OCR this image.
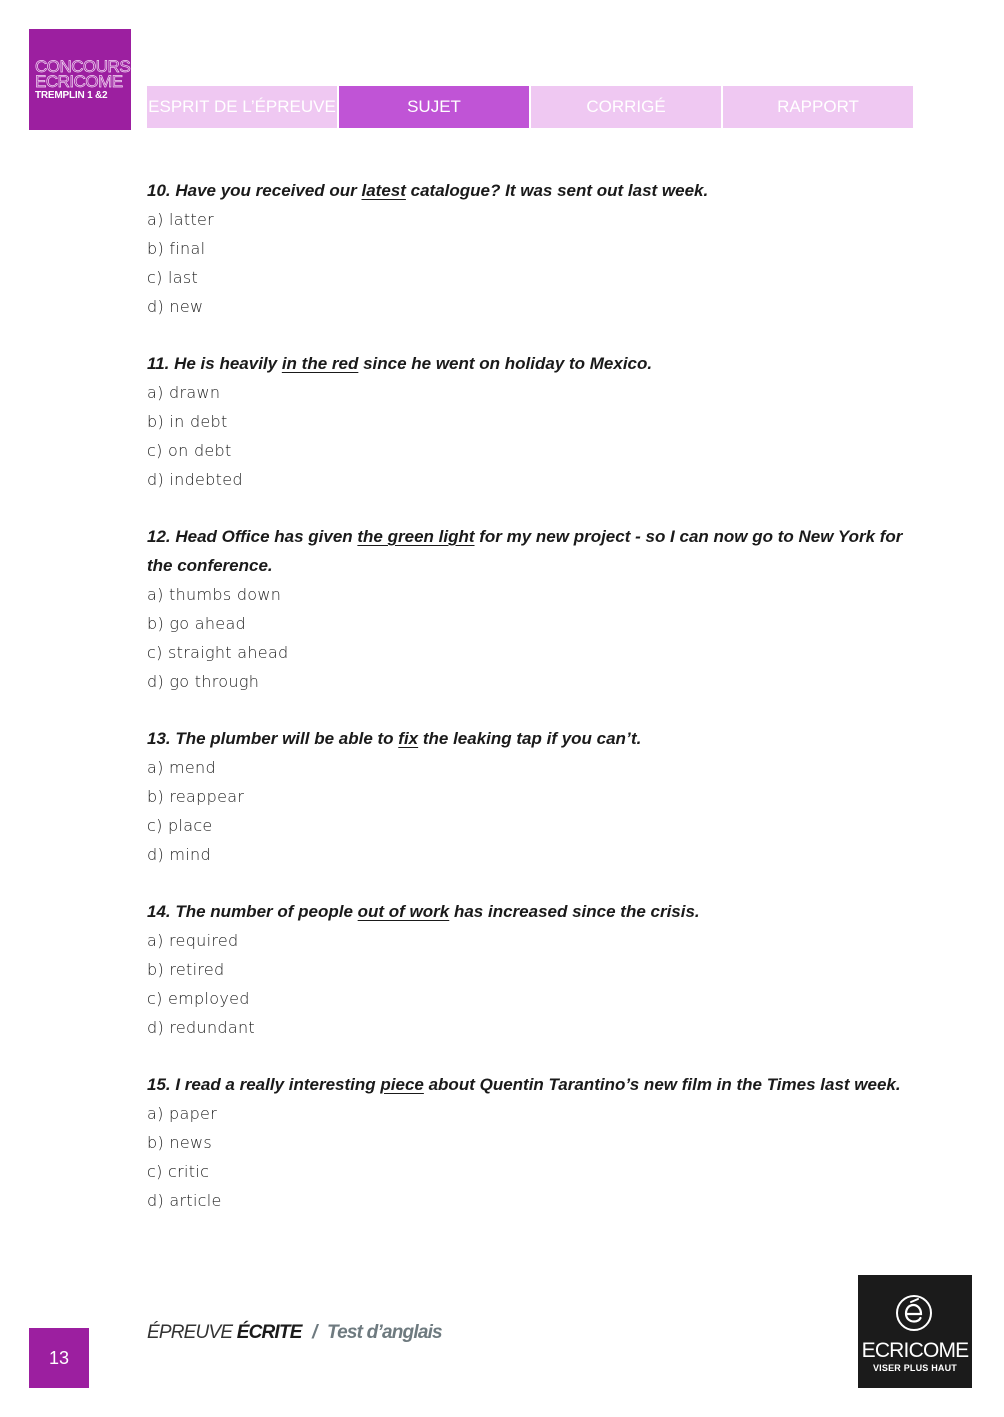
CONCOURS
ECRICOME
TREMPLIN 1 &2
ESPRIT DE L’ÉPREUVE	SUJET	CORRIGÉ	RAPPORT

10. Have you received our latest catalogue? It was sent out last week.

a) latter

b) final

c) last

d) new

11. He is heavily in the red since he went on holiday to Mexico.

a) drawn

b) in debt

c) on debt

d) indebted

12. Head Office has given the green light for my new project - so I can now go to New York for the conference.

a) thumbs down

b) go ahead

c) straight ahead

d) go through

13. The plumber will be able to fix the leaking tap if you can’t.

a) mend

b) reappear

c) place

d) mind

14. The number of people out of work has increased since the crisis.

a) required

b) retired

c) employed

d) redundant

15. I read a really interesting piece about Quentin Tarantino’s new film in the Times last week.

a) paper

b) news

c) critic

d) article

13
ÉPREUVE ÉCRITE / Test d’anglais
ECRICOME
VISER PLUS HAUT
